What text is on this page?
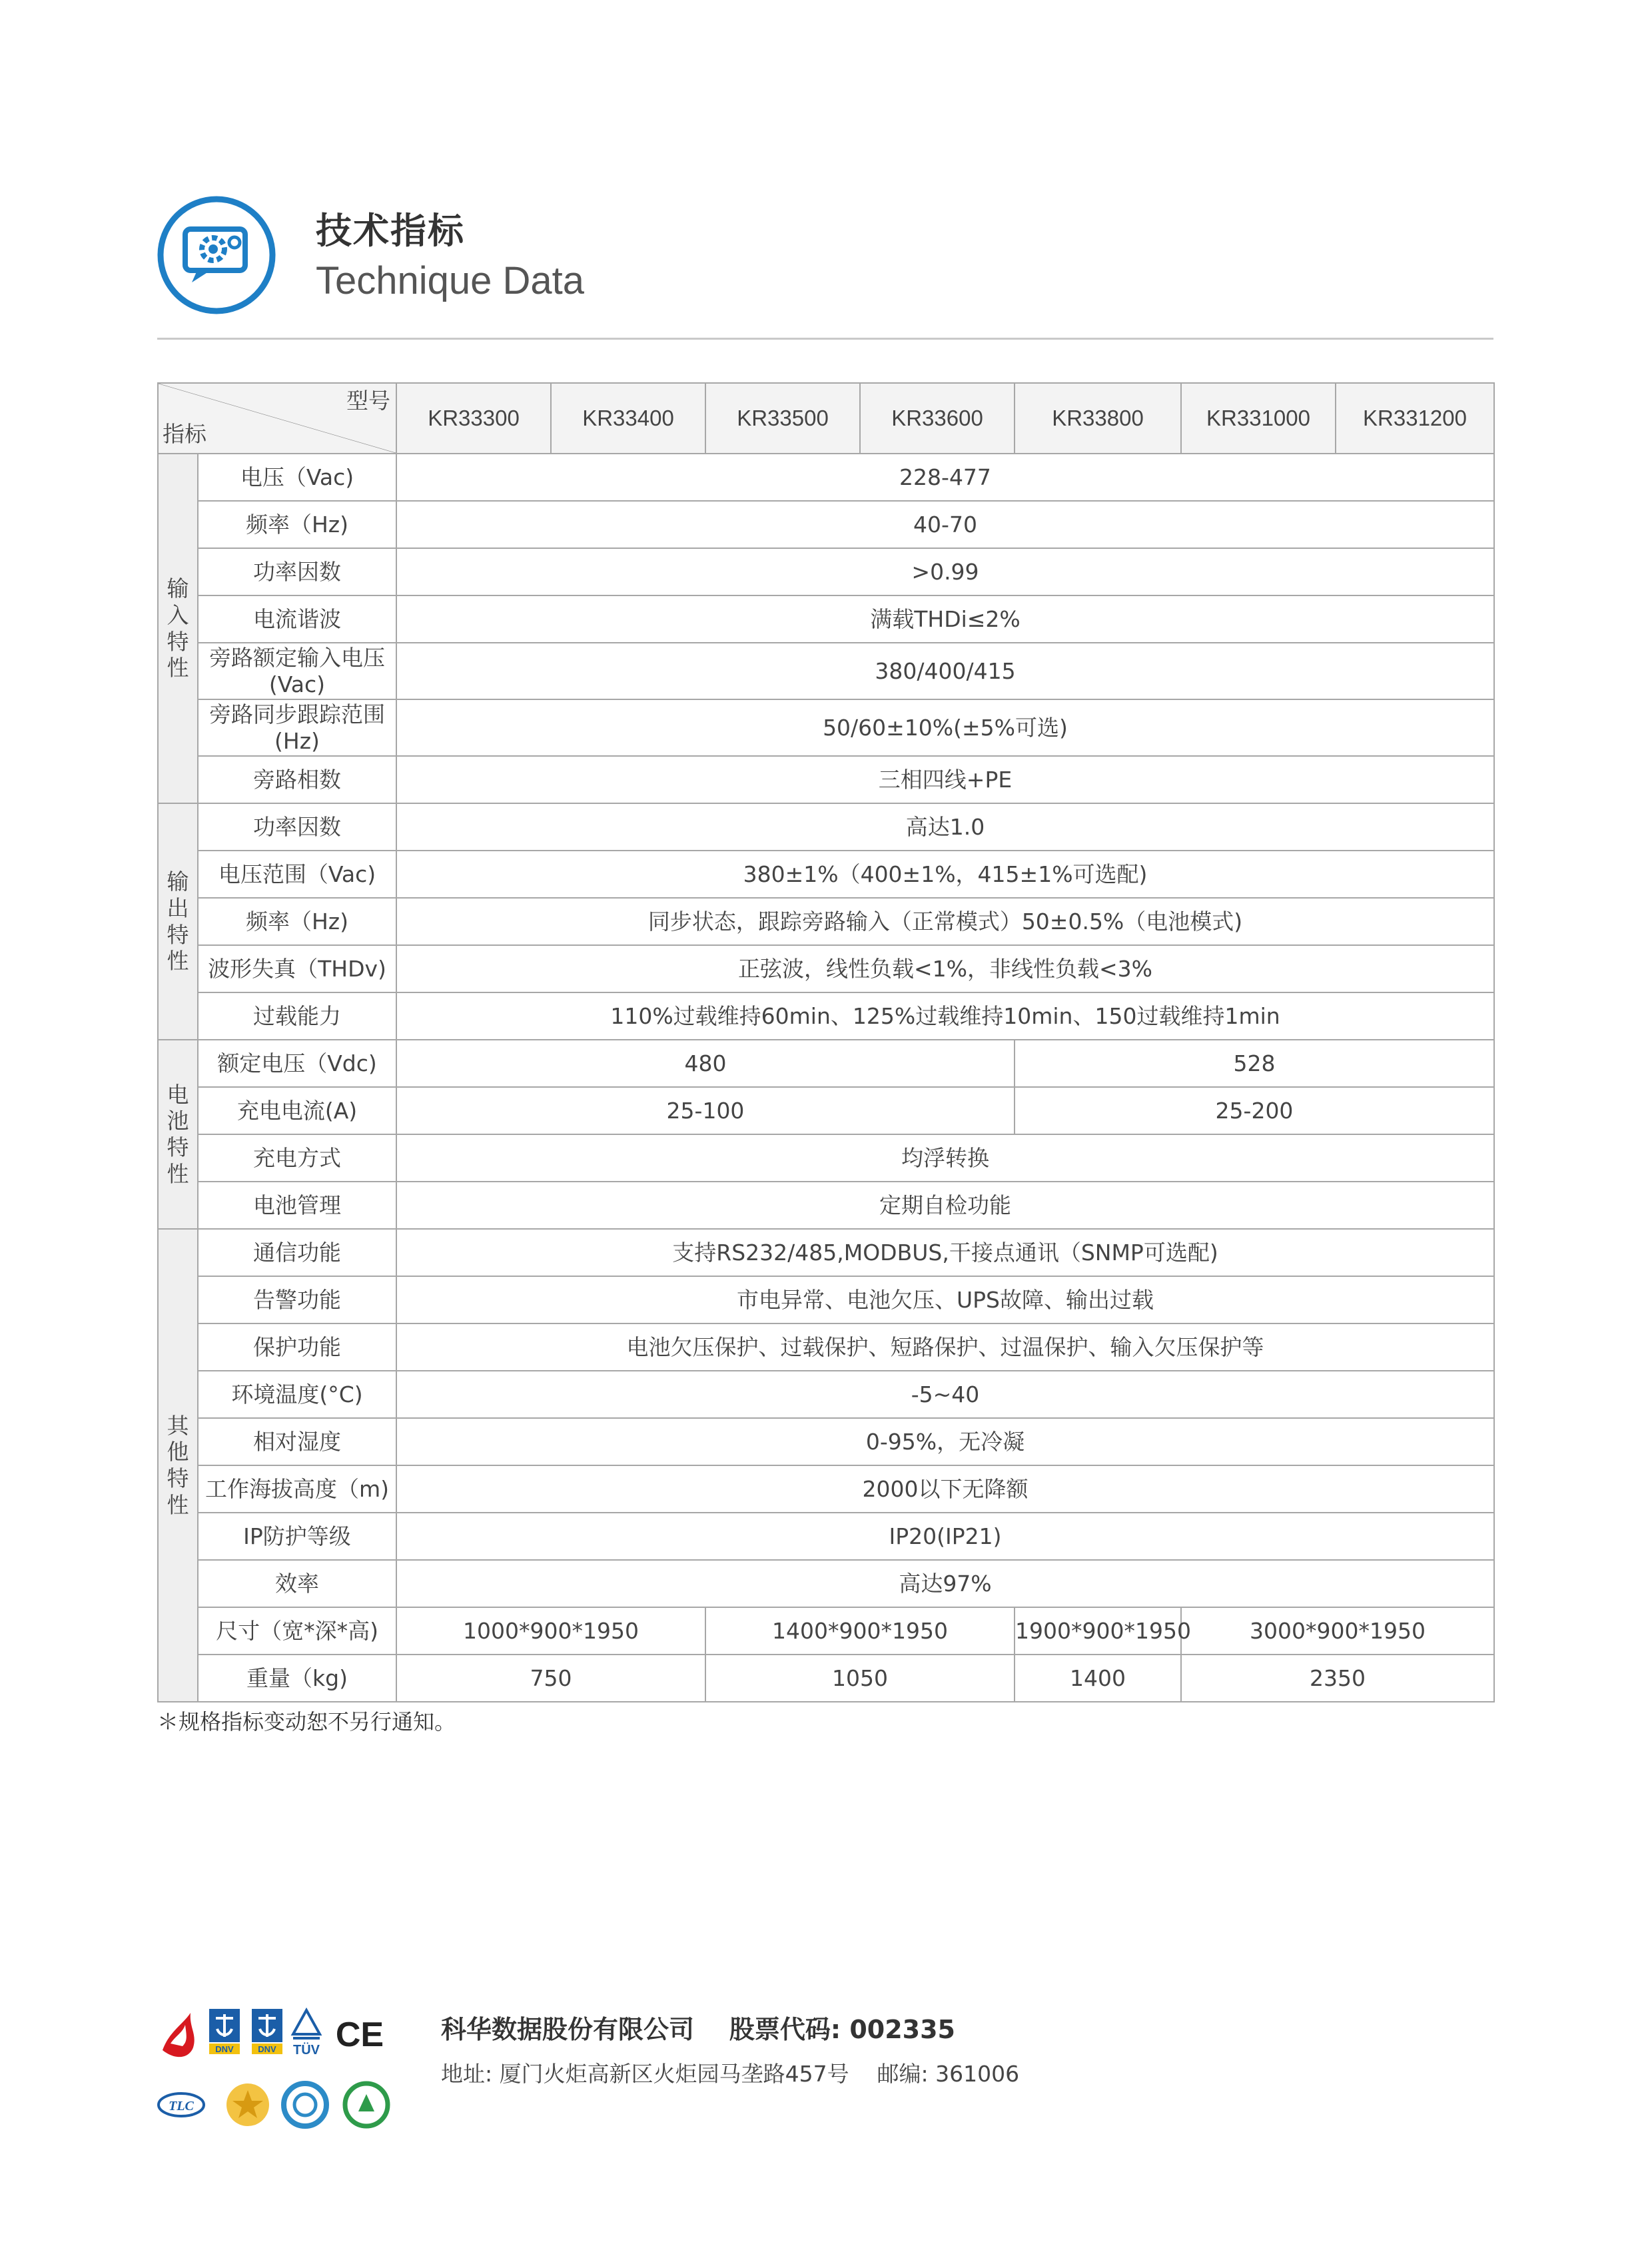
技术指标
Technique Data
型号
指标		KR33300	KR33400	KR33500	KR33600	KR33800	KR331000	KR331200
输入特性	电压（Vac)	228-477						
	频率（Hz)	40-70						
	功率因数	>0.99						
	电流谐波	满载THDi≤2%						
	旁路额定输入电压(Vac)	380/400/415						
	旁路同步跟踪范围(Hz)	50/60±10%(±5%可选)						
	旁路相数	三相四线+PE						
输出特性	功率因数	高达1.0						
	电压范围（Vac)	380±1%（400±1%，415±1%可选配)						
	频率（Hz)	同步状态，跟踪旁路输入（正常模式）50±0.5%（电池模式)						
	波形失真（THDv)	正弦波，线性负载<1%，非线性负载<3%						
	过载能力	110%过载维持60min、125%过载维持10min、150过载维持1min						
电池特性	额定电压（Vdc)	480				528		
	充电电流(A)	25-100				25-200		
	充电方式	均浮转换						
	电池管理	定期自检功能						
其他特性	通信功能	支持RS232/485,MODBUS,干接点通讯（SNMP可选配)						
	告警功能	市电异常、电池欠压、UPS故障、输出过载						
	保护功能	电池欠压保护、过载保护、短路保护、过温保护、输入欠压保护等						
	环境温度(°C)	-5~40						
	相对湿度	0-95%，无冷凝						
	工作海拔高度（m)	2000以下无降额						
	IP防护等级	IP20(IP21)						
	效率	高达97%						
	尺寸（宽*深*高)	1000*900*1950		1400*900*1950		1900*900*1950	3000*900*1950	
	重量（kg)	750		1050		1400	2350	
＊规格指标变动恕不另行通知。
DNV	DNV TÜV CE
TLC
科华数据股份有限公司    股票代码: 002335
地址: 厦门火炬高新区火炬园马垄路457号    邮编: 361006
